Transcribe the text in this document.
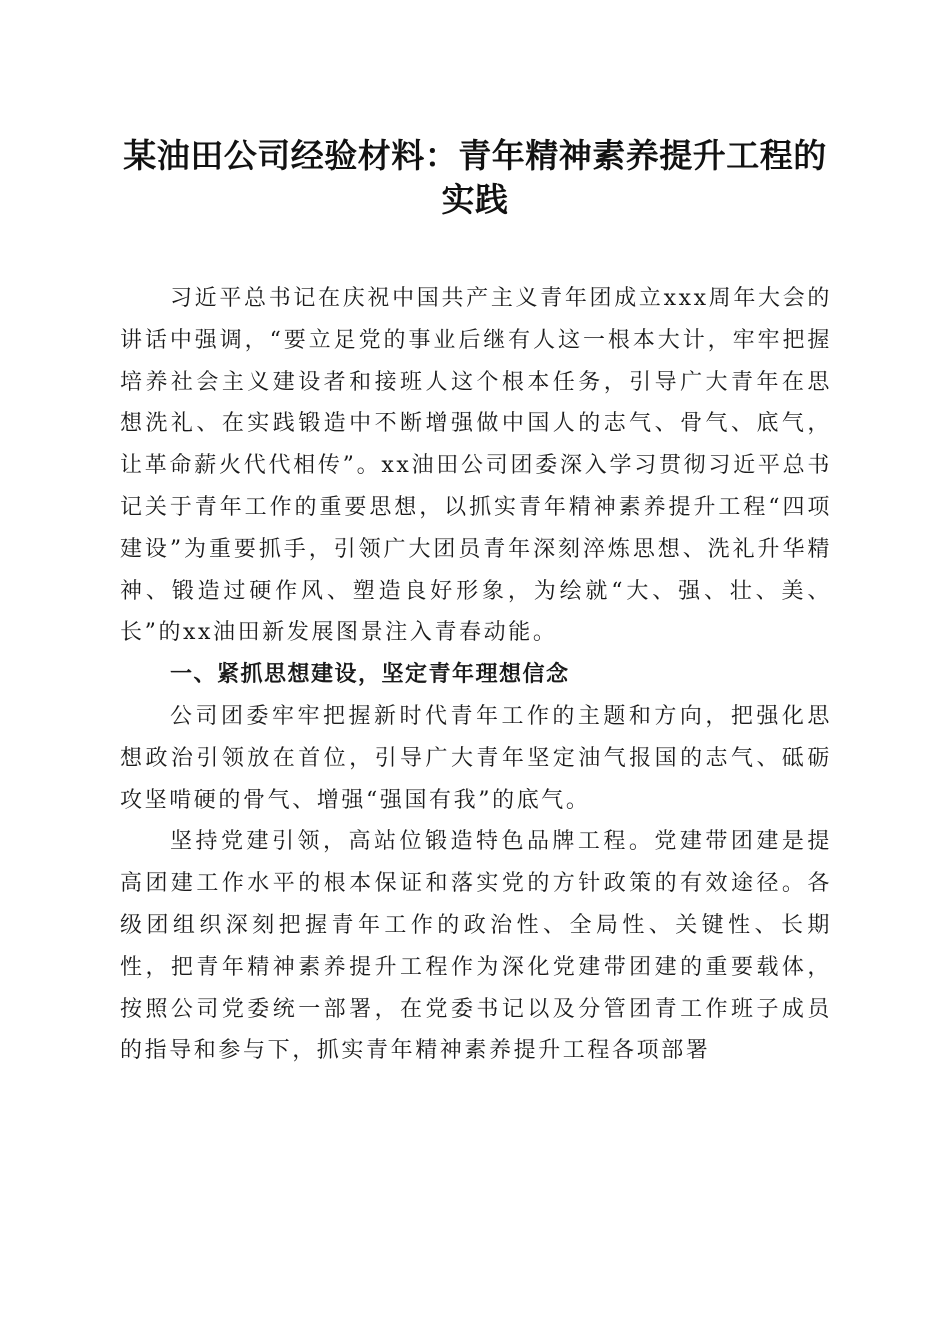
某油田公司经验材料：青年精神素养提升工程的实践

习近平总书记在庆祝中国共产主义青年团成立xxx周年大会的讲话中强调，“要立足党的事业后继有人这一根本大计，牢牢把握培养社会主义建设者和接班人这个根本任务，引导广大青年在思想洗礼、在实践锻造中不断增强做中国人的志气、骨气、底气，让革命薪火代代相传”。xx油田公司团委深入学习贯彻习近平总书记关于青年工作的重要思想，以抓实青年精神素养提升工程“四项建设”为重要抓手，引领广大团员青年深刻淬炼思想、洗礼升华精神、锻造过硬作风、塑造良好形象，为绘就“大、强、壮、美、长”的xx油田新发展图景注入青春动能。

一、紧抓思想建设，坚定青年理想信念

公司团委牢牢把握新时代青年工作的主题和方向，把强化思想政治引领放在首位，引导广大青年坚定油气报国的志气、砥砺攻坚啃硬的骨气、增强“强国有我”的底气。

坚持党建引领，高站位锻造特色品牌工程。党建带团建是提高团建工作水平的根本保证和落实党的方针政策的有效途径。各级团组织深刻把握青年工作的政治性、全局性、关键性、长期性，把青年精神素养提升工程作为深化党建带团建的重要载体，按照公司党委统一部署，在党委书记以及分管团青工作班子成员的指导和参与下，抓实青年精神素养提升工程各项部署
